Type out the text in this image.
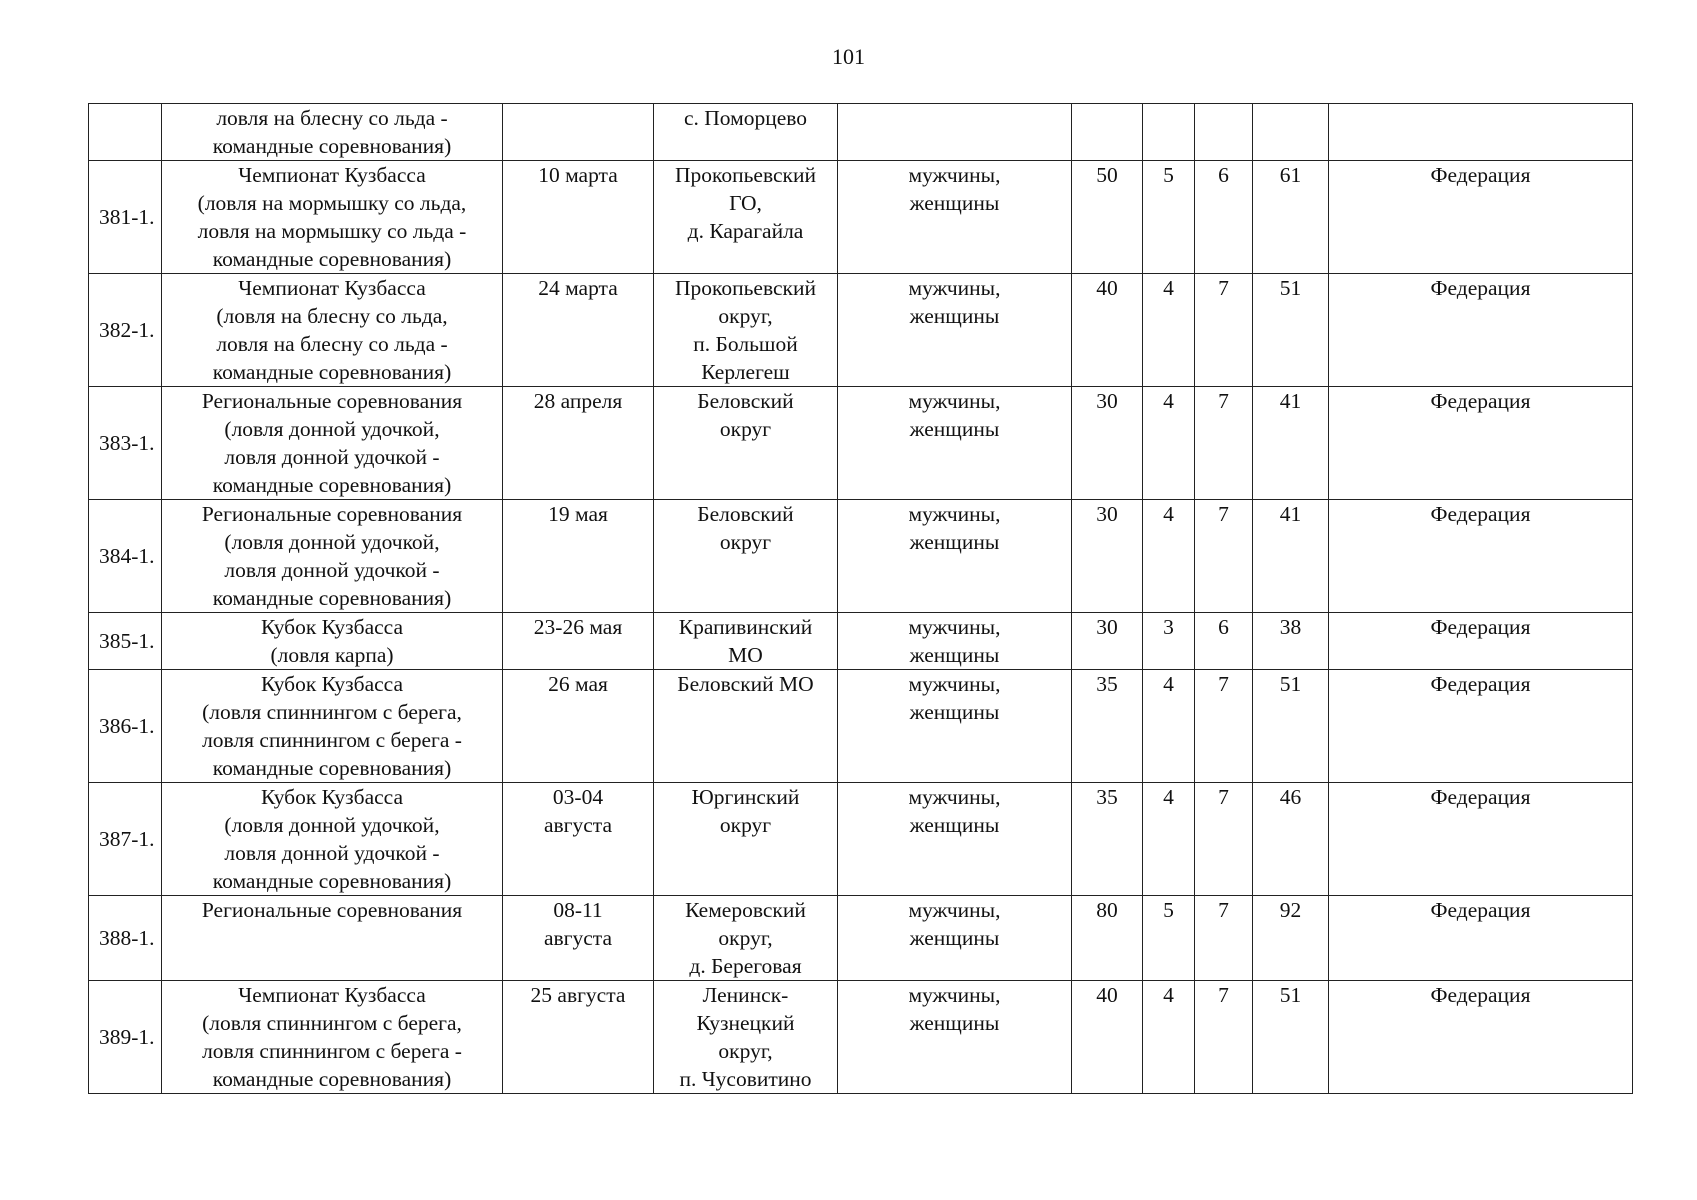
101
	ловля на блесну со льда -
командные соревнования)		с. Поморцево						
381-1.	Чемпионат Кузбасса
(ловля на мормышку со льда,
ловля на мормышку со льда -
командные соревнования)	10 марта	Прокопьевский
ГО,
д. Карагайла	мужчины,
женщины	50	5	6	61	Федерация
382-1.	Чемпионат Кузбасса
(ловля на блесну со льда,
ловля на блесну со льда -
командные соревнования)	24 марта	Прокопьевский
округ,
п. Большой
Керлегеш	мужчины,
женщины	40	4	7	51	Федерация
383-1.	Региональные соревнования
(ловля донной удочкой,
ловля донной удочкой -
командные соревнования)	28 апреля	Беловский
округ	мужчины,
женщины	30	4	7	41	Федерация
384-1.	Региональные соревнования
(ловля донной удочкой,
ловля донной удочкой -
командные соревнования)	19 мая	Беловский
округ	мужчины,
женщины	30	4	7	41	Федерация
385-1.	Кубок Кузбасса
(ловля карпа)	23-26 мая	Крапивинский
МО	мужчины,
женщины	30	3	6	38	Федерация
386-1.	Кубок Кузбасса
(ловля спиннингом с берега,
ловля спиннингом с берега -
командные соревнования)	26 мая	Беловский МО	мужчины,
женщины	35	4	7	51	Федерация
387-1.	Кубок Кузбасса
(ловля донной удочкой,
ловля донной удочкой -
командные соревнования)	03-04
августа	Юргинский
округ	мужчины,
женщины	35	4	7	46	Федерация
388-1.	Региональные соревнования	08-11
августа	Кемеровский
округ,
д. Береговая	мужчины,
женщины	80	5	7	92	Федерация
389-1.	Чемпионат Кузбасса
(ловля спиннингом с берега,
ловля спиннингом с берега -
командные соревнования)	25 августа	Ленинск-
Кузнецкий
округ,
п. Чусовитино	мужчины,
женщины	40	4	7	51	Федерация
